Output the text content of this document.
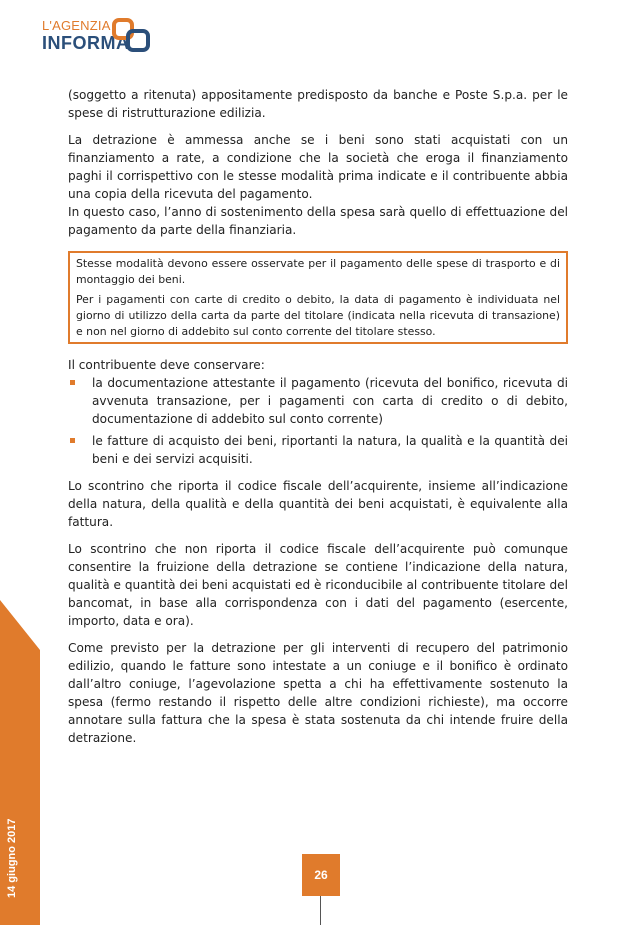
L'AGENZIA
INFORMA

(soggetto a ritenuta) appositamente predisposto da banche e Poste S.p.a. per le spese di ristrutturazione edilizia.

La detrazione è ammessa anche se i beni sono stati acquistati con un finanziamento a rate, a condizione che la società che eroga il finanziamento paghi il corrispettivo con le stesse modalità prima indicate e il contribuente abbia una copia della ricevuta del pagamento.

In questo caso, l’anno di sostenimento della spesa sarà quello di effettuazione del pagamento da parte della finanziaria.

Stesse modalità devono essere osservate per il pagamento delle spese di trasporto e di montaggio dei beni.

Per i pagamenti con carte di credito o debito, la data di pagamento è individuata nel giorno di utilizzo della carta da parte del titolare (indicata nella ricevuta di transazione) e non nel giorno di addebito sul conto corrente del titolare stesso.

Il contribuente deve conservare:

la documentazione attestante il pagamento (ricevuta del bonifico, ricevuta di avvenuta transazione, per i pagamenti con carta di credito o di debito, documentazione di addebito sul conto corrente)
le fatture di acquisto dei beni, riportanti la natura, la qualità e la quantità dei beni e dei servizi acquisiti.

Lo scontrino che riporta il codice fiscale dell’acquirente, insieme all’indicazione della natura, della qualità e della quantità dei beni acquistati, è equivalente alla fattura.

Lo scontrino che non riporta il codice fiscale dell’acquirente può comunque consentire la fruizione della detrazione se contiene l’indicazione della natura, qualità e quantità dei beni acquistati ed è riconducibile al contribuente titolare del bancomat, in base alla corrispondenza con i dati del pagamento (esercente, importo, data e ora).

Come previsto per la detrazione per gli interventi di recupero del patrimonio edilizio, quando le fatture sono intestate a un coniuge e il bonifico è ordinato dall’altro coniuge, l’agevolazione spetta a chi ha effettivamente sostenuto la spesa (fermo restando il rispetto delle altre condizioni richieste), ma occorre annotare sulla fattura che la spesa è stata sostenuta da chi intende fruire della detrazione.

14 giugno 2017	26
